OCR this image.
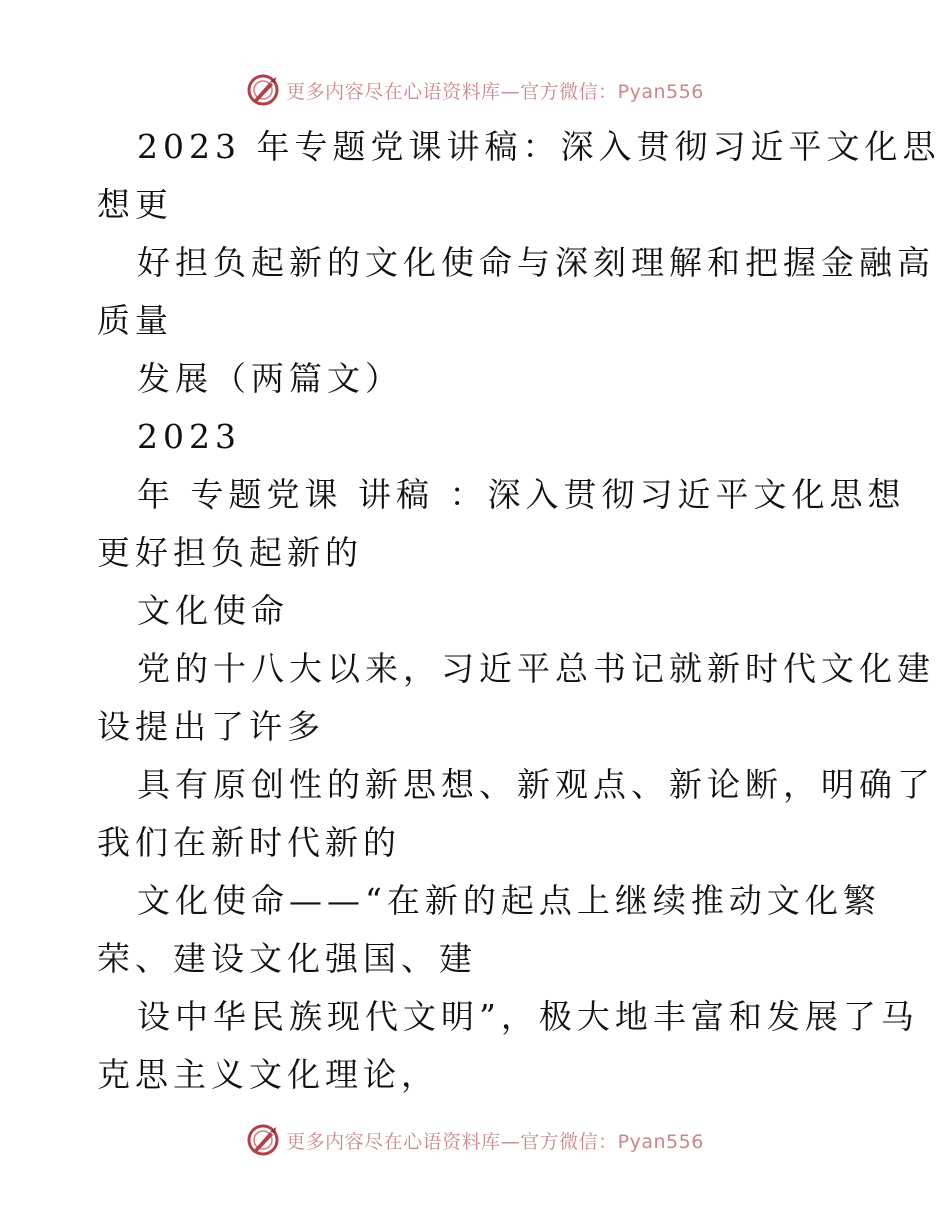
更多内容尽在心语资料库—官方微信：Pyan556
2023 年专题党课讲稿：深入贯彻习近平文化思
想更
好担负起新的文化使命与深刻理解和把握金融高
质量
发展（两篇文）
2023
年 专题党课 讲稿 ：深入贯彻习近平文化思想
更好担负起新的
文化使命
党的十八大以来，习近平总书记就新时代文化建
设提出了许多
具有原创性的新思想、新观点、新论断，明确了
我们在新时代新的
文化使命——“在新的起点上继续推动文化繁
荣、建设文化强国、建
设中华民族现代文明”，极大地丰富和发展了马
克思主义文化理论，
更多内容尽在心语资料库—官方微信：Pyan556
